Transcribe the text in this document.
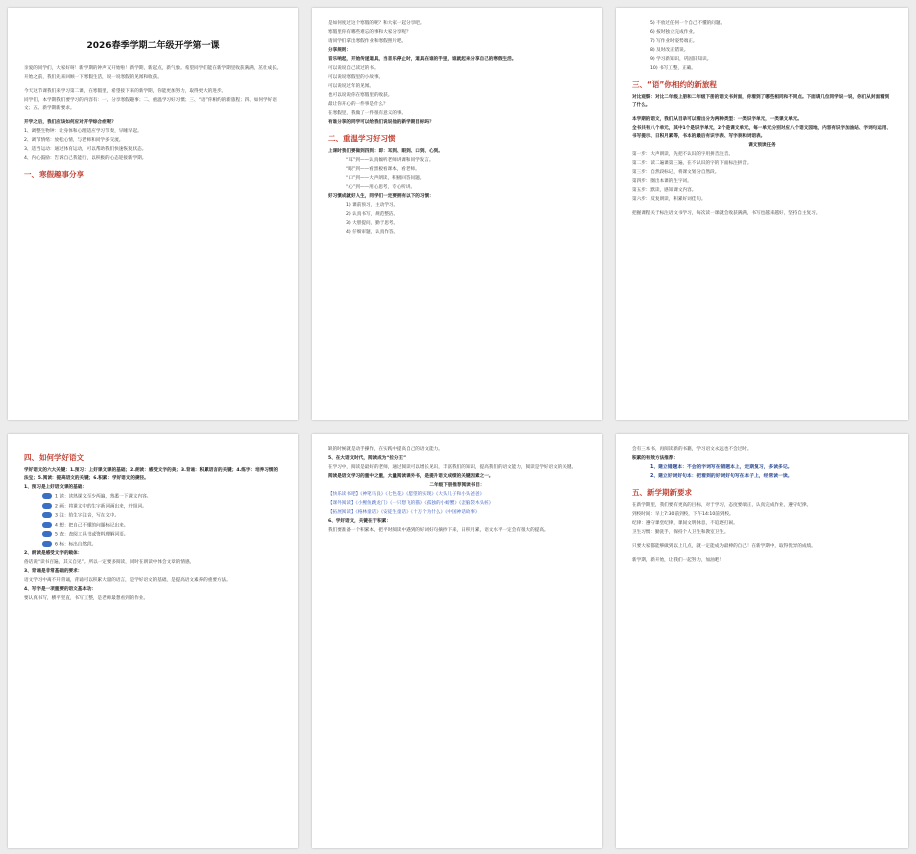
2026春季学期二年级开学第一课

亲爱的同学们，大家好呀！新学期的钟声又开始啦！新学期，新起点，新气象。希望同学们能在新学期里收获满满，茁壮成长。

开始之前，我们先来回顾一下寒假生活，说一说寒假的见闻和收获。

今天这节课我们来学习第二课，在寒假里，希望接下来的新学期，你能更加努力，取得更大的进步。

同学们，本学期我们要学习的内容有：一、分享寒假趣事；二、重温学习好习惯；三、“语”你相约的新旅程；四、如何学好语文；五、新学期新要求。

开学之后，我们应该如何应对开学综合症呢？

1、调整生物钟：让身体和心理适应学习节奏，早睡早起。

2、调节情绪：放松心情，与老师和同学多交流。

3、适当运动：通过体育运动，可以帮助我们快速恢复状态。

4、内心鼓励：告诉自己我能行，以积极的心态迎接新学期。

一、寒假趣事分享

是如何度过这个寒假的呢？和大家一起分享吧。

寒假里你有哪些难忘的事和大家分享呢？

请同学们拿出寒假作业和寒假照片吧。

分享规则：

音乐响起，开始传递道具，当音乐停止时，道具在谁的手里，谁就起来分享自己的寒假生活。

可以说说自己读过的书。

可以说说寒假里的小故事。

可以说说过年的见闻。

也可以说说你在寒假里的收获。

最让你开心的一件事是什么？

在寒假里，我做了一件很有意义的事。

有谁分享的同学可以给我们说说他的新学期目标吗？

二、重温学习好习惯

上课时我们要做到四到：即：耳到、眼到、口到、心到。

“耳”到——认真倾听老师讲课和同学发言。

“眼”到——看黑板看课本，看老师。

“口”到——大声朗读，积极回答问题。

“心”到——用心思考，专心听讲。

好习惯成就好人生，同学们一定要拥有以下的习惯：

1) 课前预习，主动学习。

2) 认真书写，规范整洁。

3) 大胆提问，勤于思考。

4) 仔细审题，认真作答。

5) 不放过任何一个自己不懂的问题。

6) 按时独立完成作业。

7) 写作业时姿势端正。

8) 及时改正错误。

9) 学习新知识，巩固旧知识。

10) 书写工整，正确。

三、“语”你相约的新旅程

对比观察：对比二年级上册和二年级下册的语文书封面，你看到了哪些相同和不同点。下面请几位同学说一说，你们从封面看到了什么。

本学期的语文，我们从目录可以看出分为两种类型：一类识字单元，一类课文单元。

全书共有八个单元，其中1个是识字单元，2个是课文单元，每一单元分别对应八个语文园地，内容有识字加油站、字词句运用、书写提示、日积月累等，书本的最后有识字表、写字表和词语表。

课文预读任务

第一步：大声朗读，先把不认识的字用拼音注音。

第二步：读二遍课第三遍，在不认识的字的下面标注拼音。

第三步：自然段标记，将课文划分自然段。

第四步：圈出本课的生字词。

第五步：默读，感知课文内容。

第六步：反复朗读，积累好词佳句。

把握课程关于标注语文书学习，每次读一课就会收获满满，书写也越来越好，坚持自主复习。

四、如何学好语文

学好语文的六大关键：1.预习：上好课文课的基础；2.朗读：感受文字的美；3.背诵：积累语言的关键；4.练字：培养习惯的法宝；5.阅读：提高语文的关键；6.积累：学好语文的捷径。

1、预习是上好语文课的基础：

1 读：读熟课文至少两遍，熟悉一下课文内容。

2 画：将课文中的生字新词画出来，并组词。

3 注：给生字注音，写在文中。

4 想：把自己不懂的问题标记出来。

5 查：查阅工具书或资料理解词语。

6 标：标出自然段。

2、朗读是感受文字的载体：

俗话说“读书百遍，其义自见”。所以一定要多阅读，同时在朗读中体会文章的情感。

3、背诵是非常基础的要求：

语文学习中离不开背诵，背诵可以积累大量的语言，是学好语文的基础，是提高语文素养的重要方法。

4、写字是一项重要的语文基本功：

要认真书写，横平竖直，书写工整，是老师最想看到的作业。

缺的时候就是动手操作，在实践中提高自己的语文能力。

5、在大语文时代，阅读成为“拉分王”

在学习中，阅读是最好的老师，通过阅读可以增长见识，丰富我们的知识，提高我们的语文能力，阅读是学好语文的关键。

阅读是语文学习的重中之重，大量阅读课外书，是提升语文成绩的关键因素之一。

二年级下册推荐阅读书目：

【快乐读书吧】《神笔马良》《七色花》《愿望的实现》《大头儿子和小头爸爸》

【课外阅读】《小鲤鱼跳龙门》《一只想飞的猫》《孤独的小螃蟹》《歪脑袋木头桩》

【拓展阅读】《格林童话》《安徒生童话》《十万个为什么》《中国神话故事》

6、学好语文，关键在于积累：

我们要准备一个积累本，把平时阅读中遇到的好词好句摘抄下来，日积月累，语文水平一定会有很大的提高。

会有三本书，再阅读新的书籍，学习语文永远也不会过时。

积累的有效方法推荐：

1、建立错题本：不会的字词写在错题本上，定期复习，多读多记。

2、建立好词好句本：把看到的好词好句写在本子上，经常读一读。

五、新学期新要求

在新学期里，我们要有更高的目标，对于学习，态度要端正，认真完成作业，遵守纪律。

到校时间：早上7:30前到校，下午14:10前到校。

纪律：遵守课堂纪律，课间文明休息，不追逐打闹。

卫生习惯：勤洗手，保持个人卫生和教室卫生。

只要大家都能够做到以上几点，就一定能成为最棒的自己！在新学期中，取得优异的成绩。

新学期，新开始，让我们一起努力，加油吧！
